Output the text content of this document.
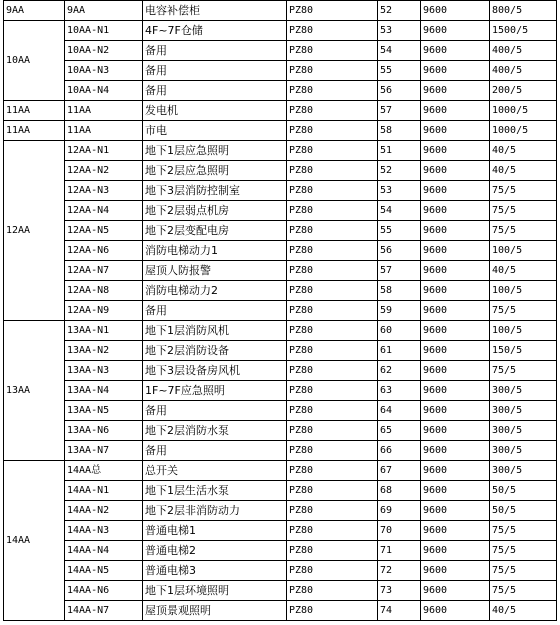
9AA	9AA	电容补偿柜	PZ80	52	9600	800/5
10AA	10AA-N1	4F~7F仓储	PZ80	53	9600	1500/5
	10AA-N2	备用	PZ80	54	9600	400/5
	10AA-N3	备用	PZ80	55	9600	400/5
	10AA-N4	备用	PZ80	56	9600	200/5
11AA	11AA	发电机	PZ80	57	9600	1000/5
11AA	11AA	市电	PZ80	58	9600	1000/5
12AA	12AA-N1	地下1层应急照明	PZ80	51	9600	40/5
	12AA-N2	地下2层应急照明	PZ80	52	9600	40/5
	12AA-N3	地下3层消防控制室	PZ80	53	9600	75/5
	12AA-N4	地下2层弱点机房	PZ80	54	9600	75/5
	12AA-N5	地下2层变配电房	PZ80	55	9600	75/5
	12AA-N6	消防电梯动力1	PZ80	56	9600	100/5
	12AA-N7	屋顶人防报警	PZ80	57	9600	40/5
	12AA-N8	消防电梯动力2	PZ80	58	9600	100/5
	12AA-N9	备用	PZ80	59	9600	75/5
13AA	13AA-N1	地下1层消防风机	PZ80	60	9600	100/5
	13AA-N2	地下2层消防设备	PZ80	61	9600	150/5
	13AA-N3	地下3层设备房风机	PZ80	62	9600	75/5
	13AA-N4	1F~7F应急照明	PZ80	63	9600	300/5
	13AA-N5	备用	PZ80	64	9600	300/5
	13AA-N6	地下2层消防水泵	PZ80	65	9600	300/5
	13AA-N7	备用	PZ80	66	9600	300/5
14AA	14AA总	总开关	PZ80	67	9600	300/5
	14AA-N1	地下1层生活水泵	PZ80	68	9600	50/5
	14AA-N2	地下2层非消防动力	PZ80	69	9600	50/5
	14AA-N3	普通电梯1	PZ80	70	9600	75/5
	14AA-N4	普通电梯2	PZ80	71	9600	75/5
	14AA-N5	普通电梯3	PZ80	72	9600	75/5
	14AA-N6	地下1层环境照明	PZ80	73	9600	75/5
	14AA-N7	屋顶景观照明	PZ80	74	9600	40/5
